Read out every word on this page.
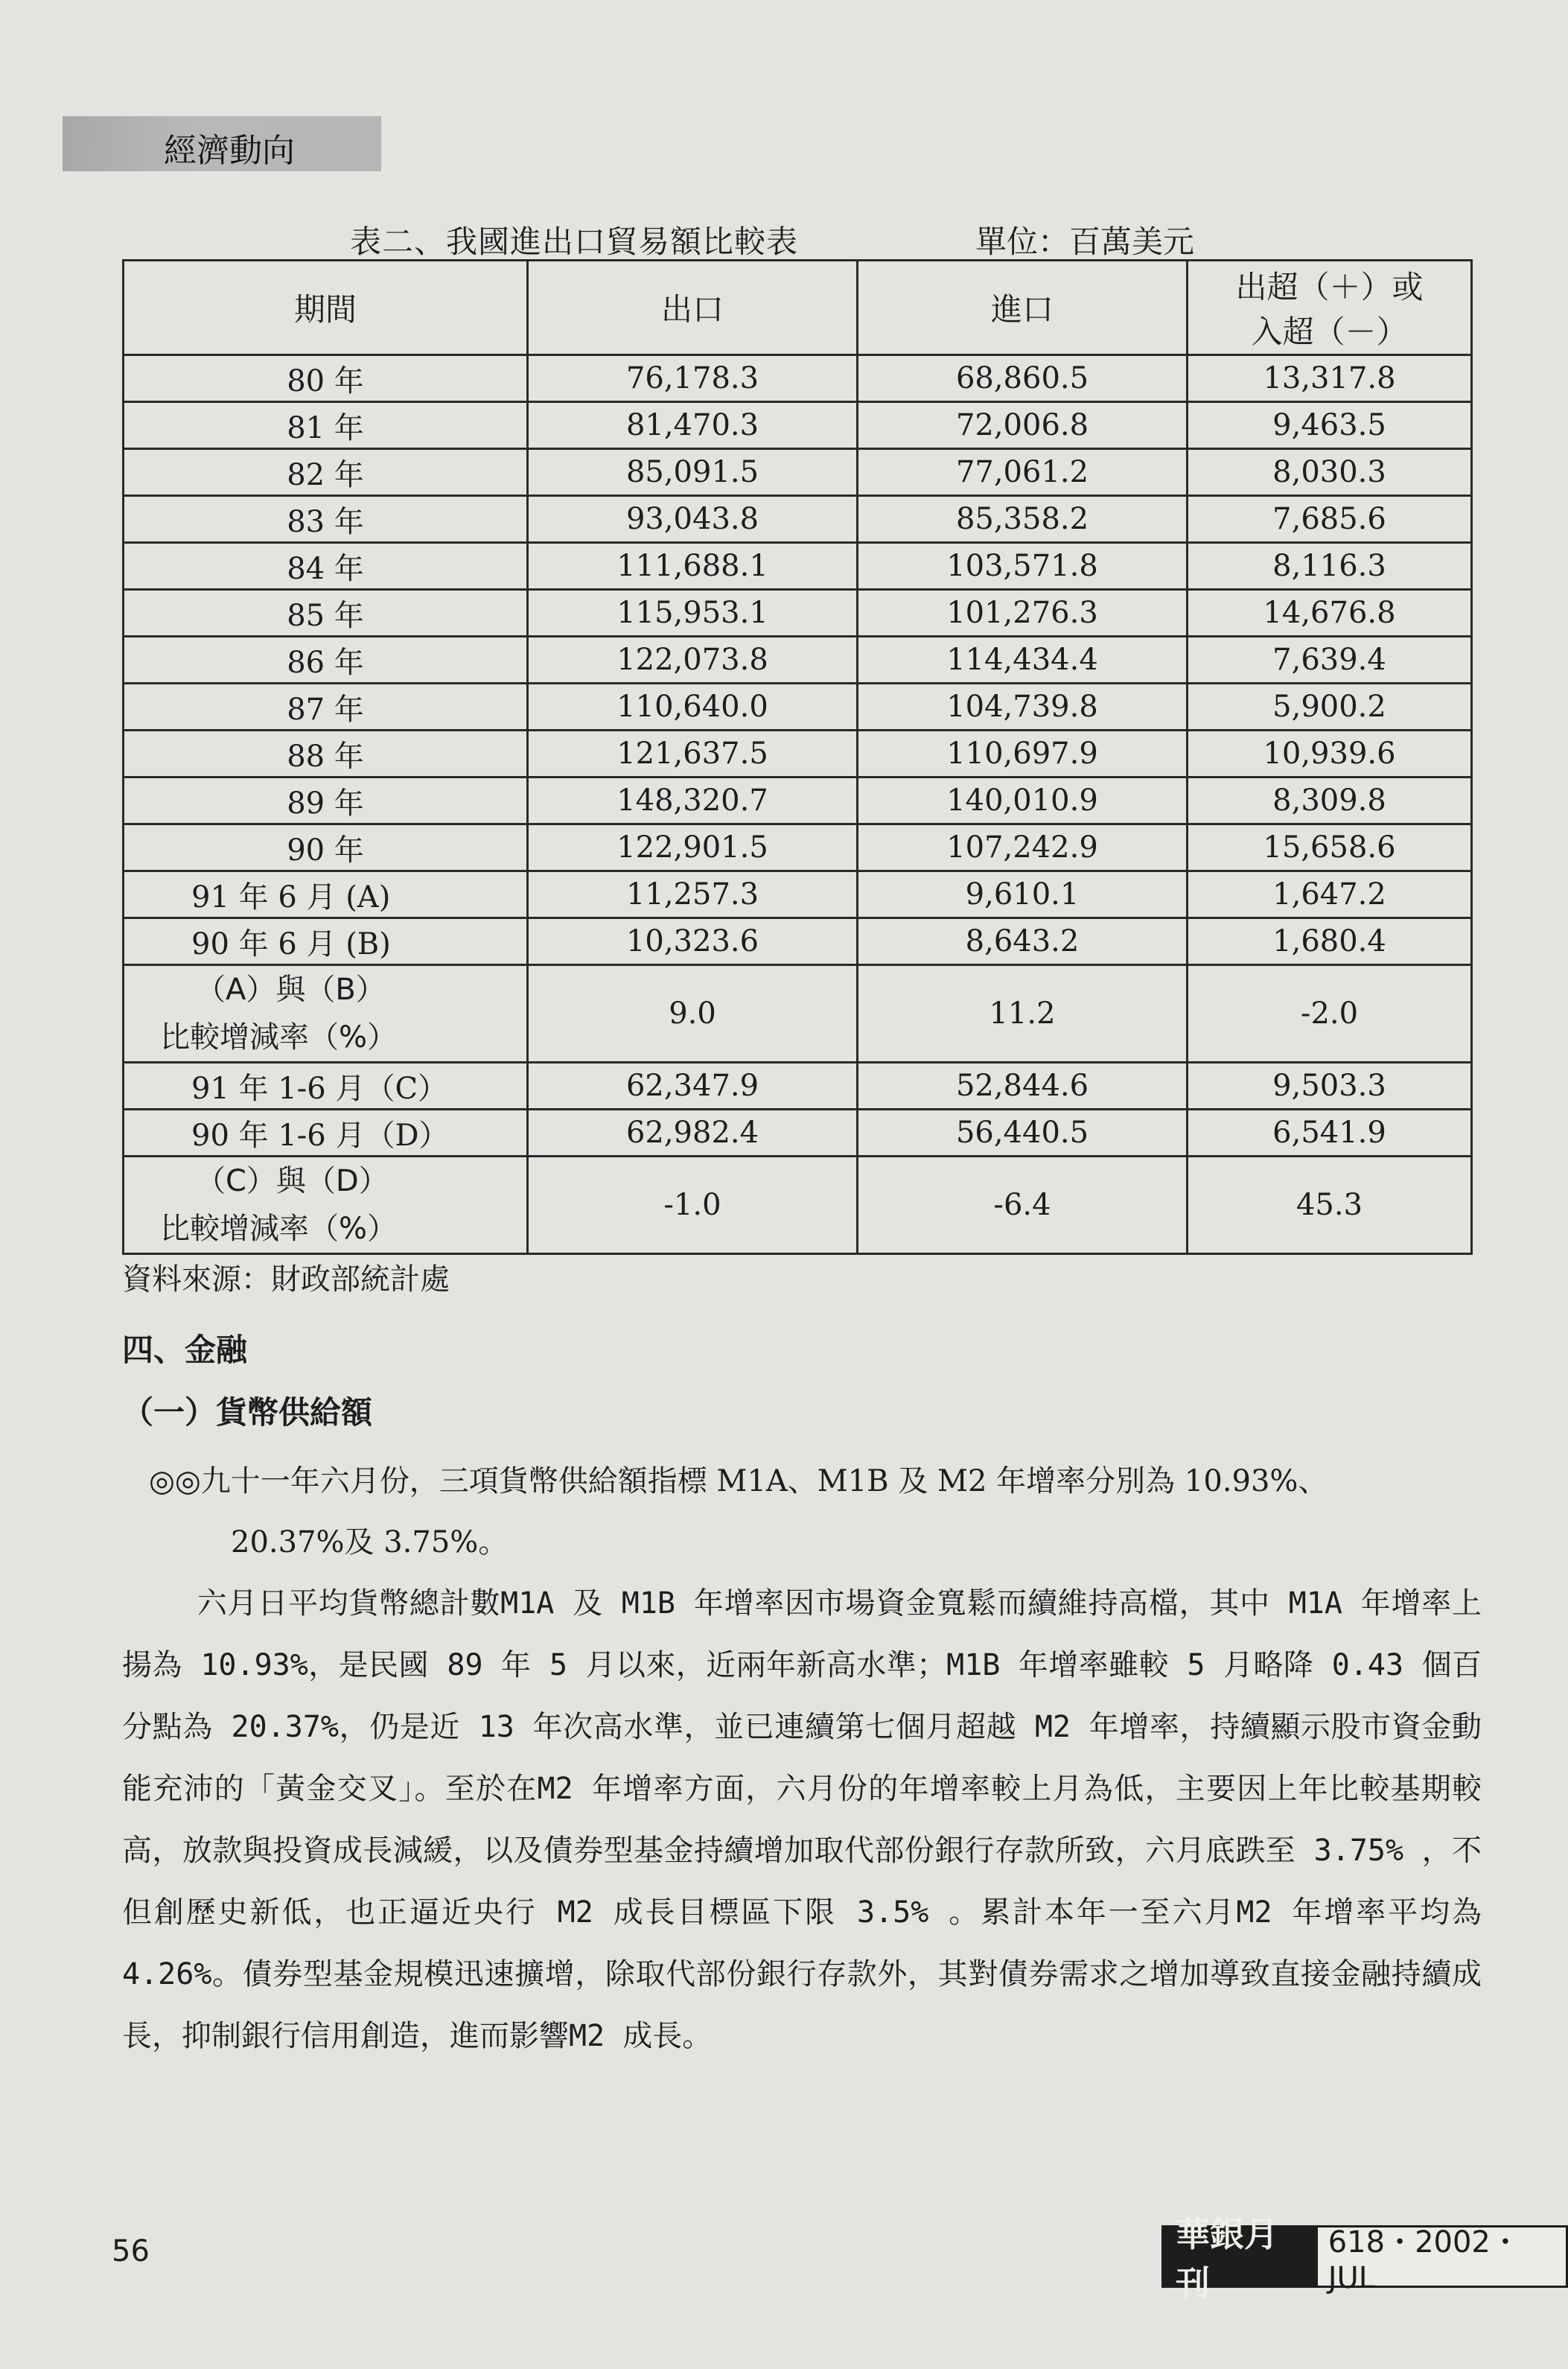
經濟動向
表二、我國進出口貿易額比較表	單位：百萬美元
期間	出口	進口	出超（＋）或
入超（－）

80 年	76,178.3	68,860.5	13,317.8
81 年	81,470.3	72,006.8	9,463.5
82 年	85,091.5	77,061.2	8,030.3
83 年	93,043.8	85,358.2	7,685.6
84 年	111,688.1	103,571.8	8,116.3
85 年	115,953.1	101,276.3	14,676.8
86 年	122,073.8	114,434.4	7,639.4
87 年	110,640.0	104,739.8	5,900.2
88 年	121,637.5	110,697.9	10,939.6
89 年	148,320.7	140,010.9	8,309.8
90 年	122,901.5	107,242.9	15,658.6
91 年 6 月 (A)	11,257.3	9,610.1	1,647.2
90 年 6 月 (B)	10,323.6	8,643.2	1,680.4

（A）與（B）
比較增減率（%）	9.0	11.2	-2.0
91 年 1-6 月（C）	62,347.9	52,844.6	9,503.3
90 年 1-6 月（D）	62,982.4	56,440.5	6,541.9

（C）與（D）
比較增減率（%）	-1.0	-6.4	45.3
資料來源：財政部統計處
四、金融
（一）貨幣供給額
◎◎九十一年六月份，三項貨幣供給額指標 M1A、M1B 及 M2 年增率分別為 10.93%、
20.37%及 3.75%。
六月日平均貨幣總計數M1A 及 M1B 年增率因市場資金寬鬆而續維持高檔，其中 M1A 年增率上揚為 10.93%，是民國 89 年 5 月以來，近兩年新高水準；M1B 年增率雖較 5 月略降 0.43 個百分點為 20.37%，仍是近 13 年次高水準，並已連續第七個月超越 M2 年增率，持續顯示股市資金動能充沛的「黃金交叉」。至於在M2 年增率方面，六月份的年增率較上月為低，主要因上年比較基期較高，放款與投資成長減緩，以及債券型基金持續增加取代部份銀行存款所致，六月底跌至 3.75% ，不但創歷史新低，也正逼近央行 M2 成長目標區下限 3.5% 。累計本年一至六月M2 年增率平均為 4.26%。債券型基金規模迅速擴增，除取代部份銀行存款外，其對債券需求之增加導致直接金融持續成長，抑制銀行信用創造，進而影響M2 成長。
56	華銀月刊
618・2002・JUL
